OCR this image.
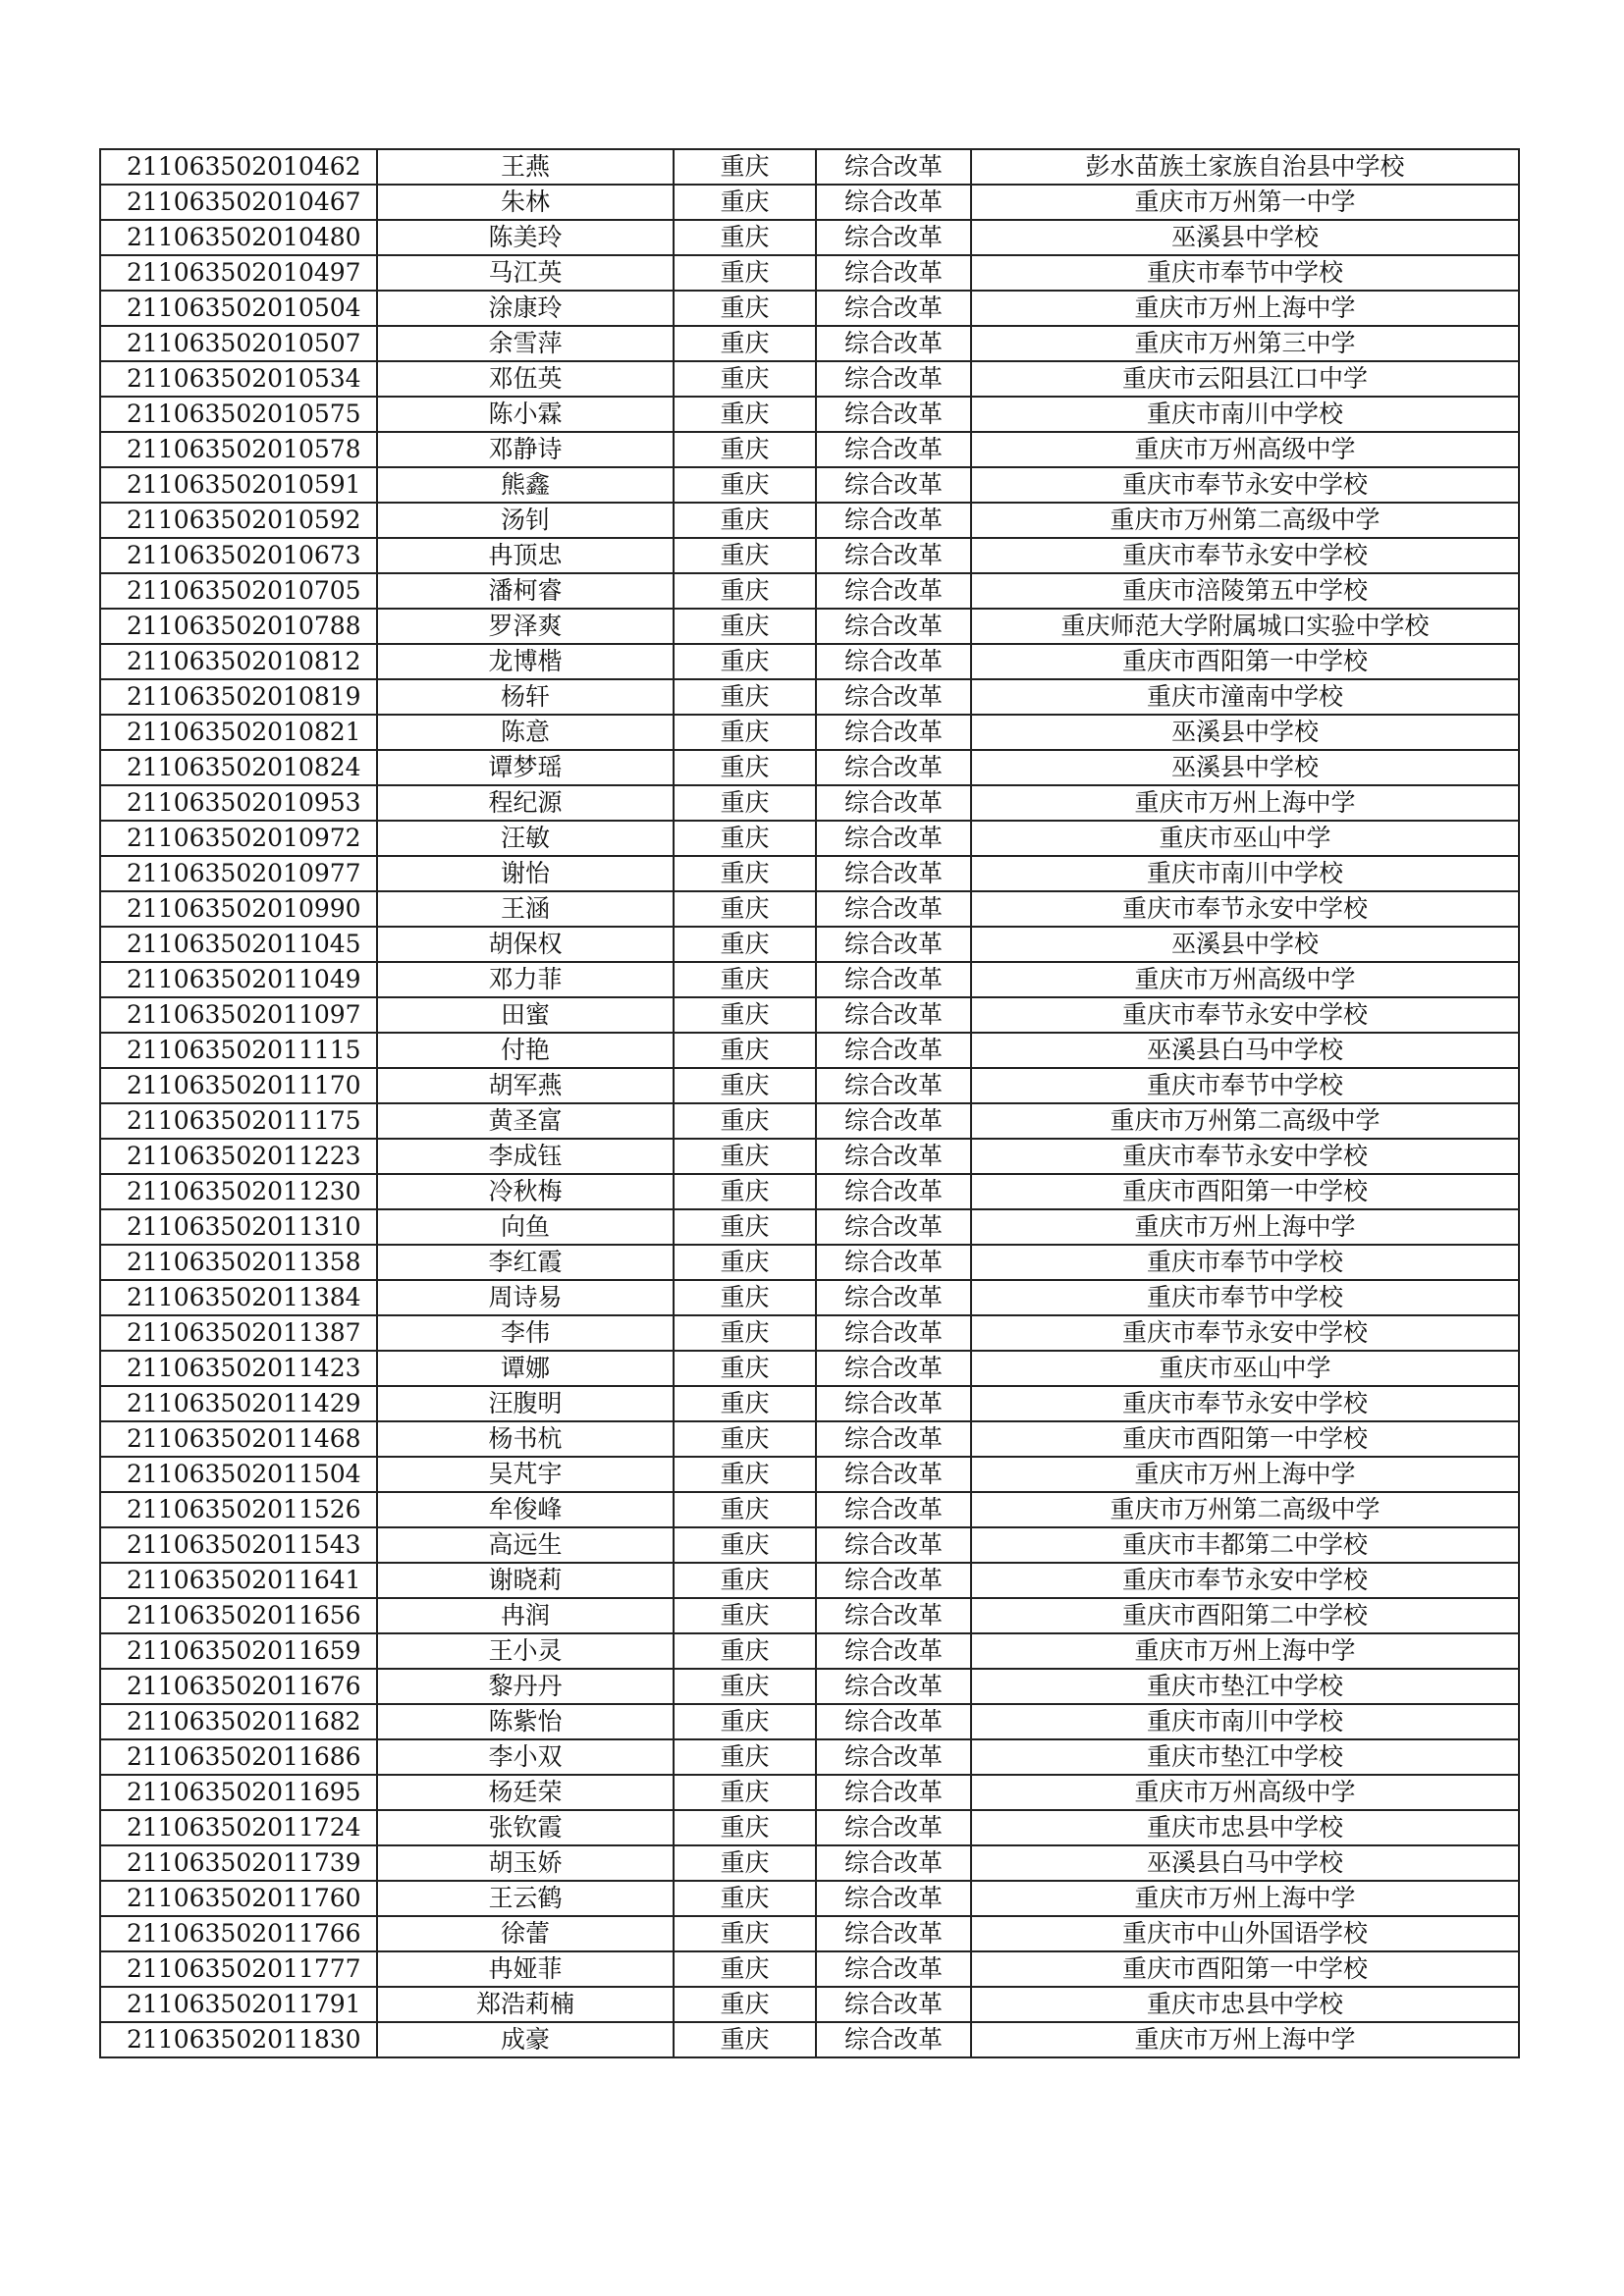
211063502010462	王燕	重庆	综合改革	彭水苗族土家族自治县中学校
211063502010467	朱林	重庆	综合改革	重庆市万州第一中学
211063502010480	陈美玲	重庆	综合改革	巫溪县中学校
211063502010497	马江英	重庆	综合改革	重庆市奉节中学校
211063502010504	涂康玲	重庆	综合改革	重庆市万州上海中学
211063502010507	余雪萍	重庆	综合改革	重庆市万州第三中学
211063502010534	邓伍英	重庆	综合改革	重庆市云阳县江口中学
211063502010575	陈小霖	重庆	综合改革	重庆市南川中学校
211063502010578	邓静诗	重庆	综合改革	重庆市万州高级中学
211063502010591	熊鑫	重庆	综合改革	重庆市奉节永安中学校
211063502010592	汤钊	重庆	综合改革	重庆市万州第二高级中学
211063502010673	冉顶忠	重庆	综合改革	重庆市奉节永安中学校
211063502010705	潘柯睿	重庆	综合改革	重庆市涪陵第五中学校
211063502010788	罗泽爽	重庆	综合改革	重庆师范大学附属城口实验中学校
211063502010812	龙博楷	重庆	综合改革	重庆市酉阳第一中学校
211063502010819	杨轩	重庆	综合改革	重庆市潼南中学校
211063502010821	陈意	重庆	综合改革	巫溪县中学校
211063502010824	谭梦瑶	重庆	综合改革	巫溪县中学校
211063502010953	程纪源	重庆	综合改革	重庆市万州上海中学
211063502010972	汪敏	重庆	综合改革	重庆市巫山中学
211063502010977	谢怡	重庆	综合改革	重庆市南川中学校
211063502010990	王涵	重庆	综合改革	重庆市奉节永安中学校
211063502011045	胡保权	重庆	综合改革	巫溪县中学校
211063502011049	邓力菲	重庆	综合改革	重庆市万州高级中学
211063502011097	田蜜	重庆	综合改革	重庆市奉节永安中学校
211063502011115	付艳	重庆	综合改革	巫溪县白马中学校
211063502011170	胡军燕	重庆	综合改革	重庆市奉节中学校
211063502011175	黄圣富	重庆	综合改革	重庆市万州第二高级中学
211063502011223	李成钰	重庆	综合改革	重庆市奉节永安中学校
211063502011230	冷秋梅	重庆	综合改革	重庆市酉阳第一中学校
211063502011310	向鱼	重庆	综合改革	重庆市万州上海中学
211063502011358	李红霞	重庆	综合改革	重庆市奉节中学校
211063502011384	周诗易	重庆	综合改革	重庆市奉节中学校
211063502011387	李伟	重庆	综合改革	重庆市奉节永安中学校
211063502011423	谭娜	重庆	综合改革	重庆市巫山中学
211063502011429	汪腹明	重庆	综合改革	重庆市奉节永安中学校
211063502011468	杨书杭	重庆	综合改革	重庆市酉阳第一中学校
211063502011504	吴芃宇	重庆	综合改革	重庆市万州上海中学
211063502011526	牟俊峰	重庆	综合改革	重庆市万州第二高级中学
211063502011543	高远生	重庆	综合改革	重庆市丰都第二中学校
211063502011641	谢晓莉	重庆	综合改革	重庆市奉节永安中学校
211063502011656	冉润	重庆	综合改革	重庆市酉阳第二中学校
211063502011659	王小灵	重庆	综合改革	重庆市万州上海中学
211063502011676	黎丹丹	重庆	综合改革	重庆市垫江中学校
211063502011682	陈紫怡	重庆	综合改革	重庆市南川中学校
211063502011686	李小双	重庆	综合改革	重庆市垫江中学校
211063502011695	杨廷荣	重庆	综合改革	重庆市万州高级中学
211063502011724	张钦霞	重庆	综合改革	重庆市忠县中学校
211063502011739	胡玉娇	重庆	综合改革	巫溪县白马中学校
211063502011760	王云鹤	重庆	综合改革	重庆市万州上海中学
211063502011766	徐蕾	重庆	综合改革	重庆市中山外国语学校
211063502011777	冉娅菲	重庆	综合改革	重庆市酉阳第一中学校
211063502011791	郑浩莉楠	重庆	综合改革	重庆市忠县中学校
211063502011830	成豪	重庆	综合改革	重庆市万州上海中学
